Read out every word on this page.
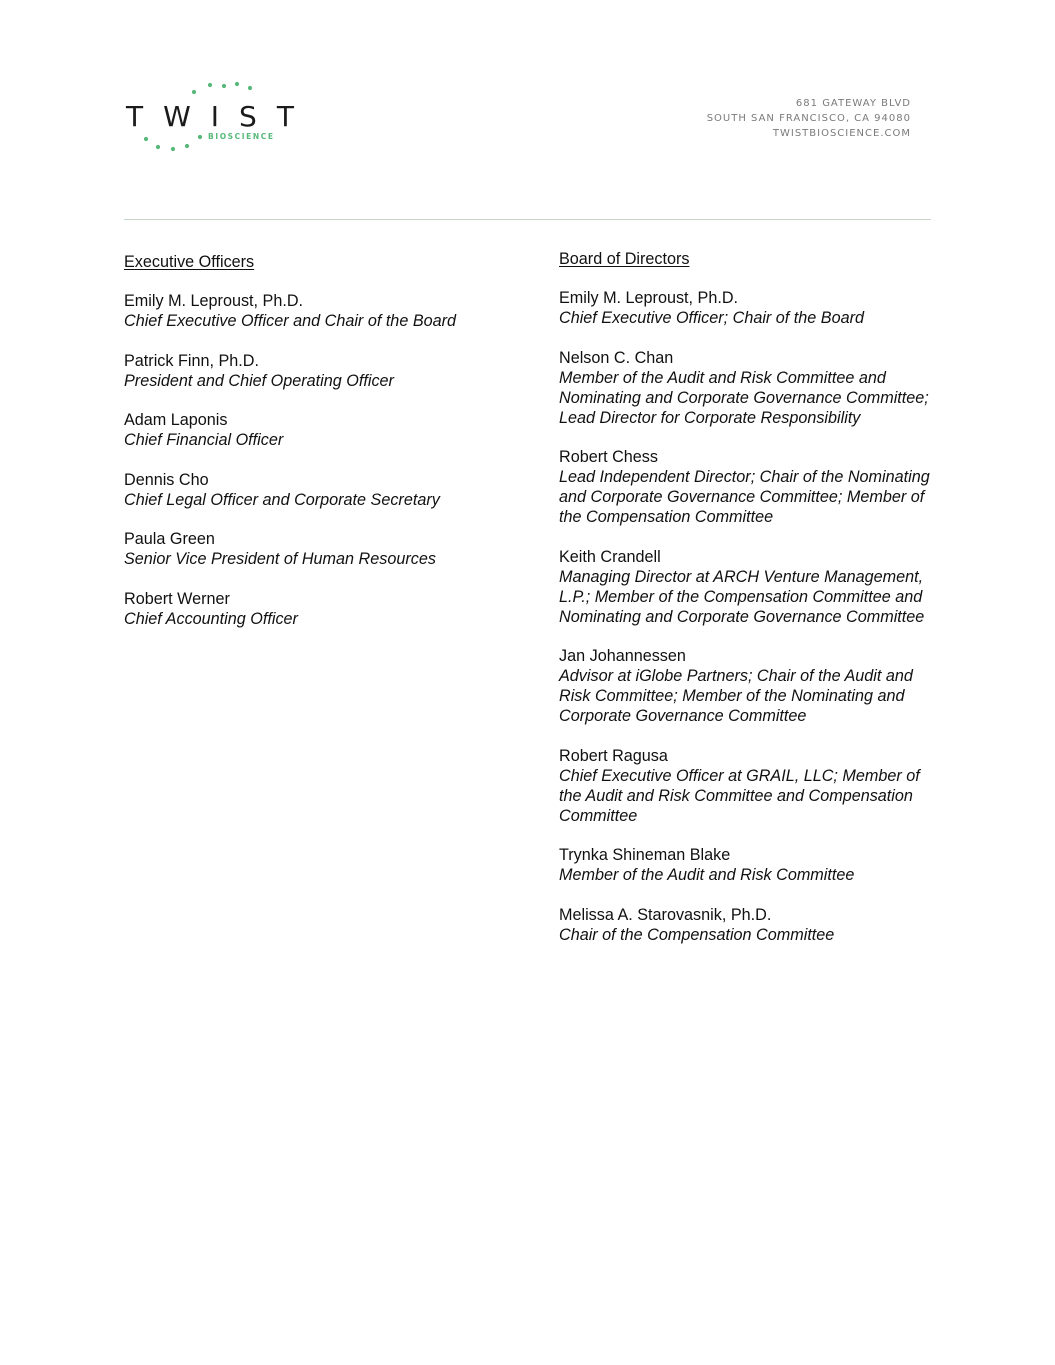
TWIST
BIOSCIENCE
681 GATEWAY BLVD
SOUTH SAN FRANCISCO, CA 94080
TWISTBIOSCIENCE.COM
Executive Officers
Emily M. Leproust, Ph.D.
Chief Executive Officer and Chair of the Board
Patrick Finn, Ph.D.
President and Chief Operating Officer
Adam Laponis
Chief Financial Officer
Dennis Cho
Chief Legal Officer and Corporate Secretary
Paula Green
Senior Vice President of Human Resources
Robert Werner
Chief Accounting Officer
Board of Directors
Emily M. Leproust, Ph.D.
Chief Executive Officer; Chair of the Board
Nelson C. Chan
Member of the Audit and Risk Committee and Nominating and Corporate Governance Committee; Lead Director for Corporate Responsibility
Robert Chess
Lead Independent Director; Chair of the Nominating and Corporate Governance Committee; Member of the Compensation Committee
Keith Crandell
Managing Director at ARCH Venture Management, L.P.; Member of the Compensation Committee and Nominating and Corporate Governance Committee
Jan Johannessen
Advisor at iGlobe Partners; Chair of the Audit and Risk Committee; Member of the Nominating and Corporate Governance Committee
Robert Ragusa
Chief Executive Officer at GRAIL, LLC; Member of the Audit and Risk Committee and Compensation Committee
Trynka Shineman Blake
Member of the Audit and Risk Committee
Melissa A. Starovasnik, Ph.D.
Chair of the Compensation Committee
